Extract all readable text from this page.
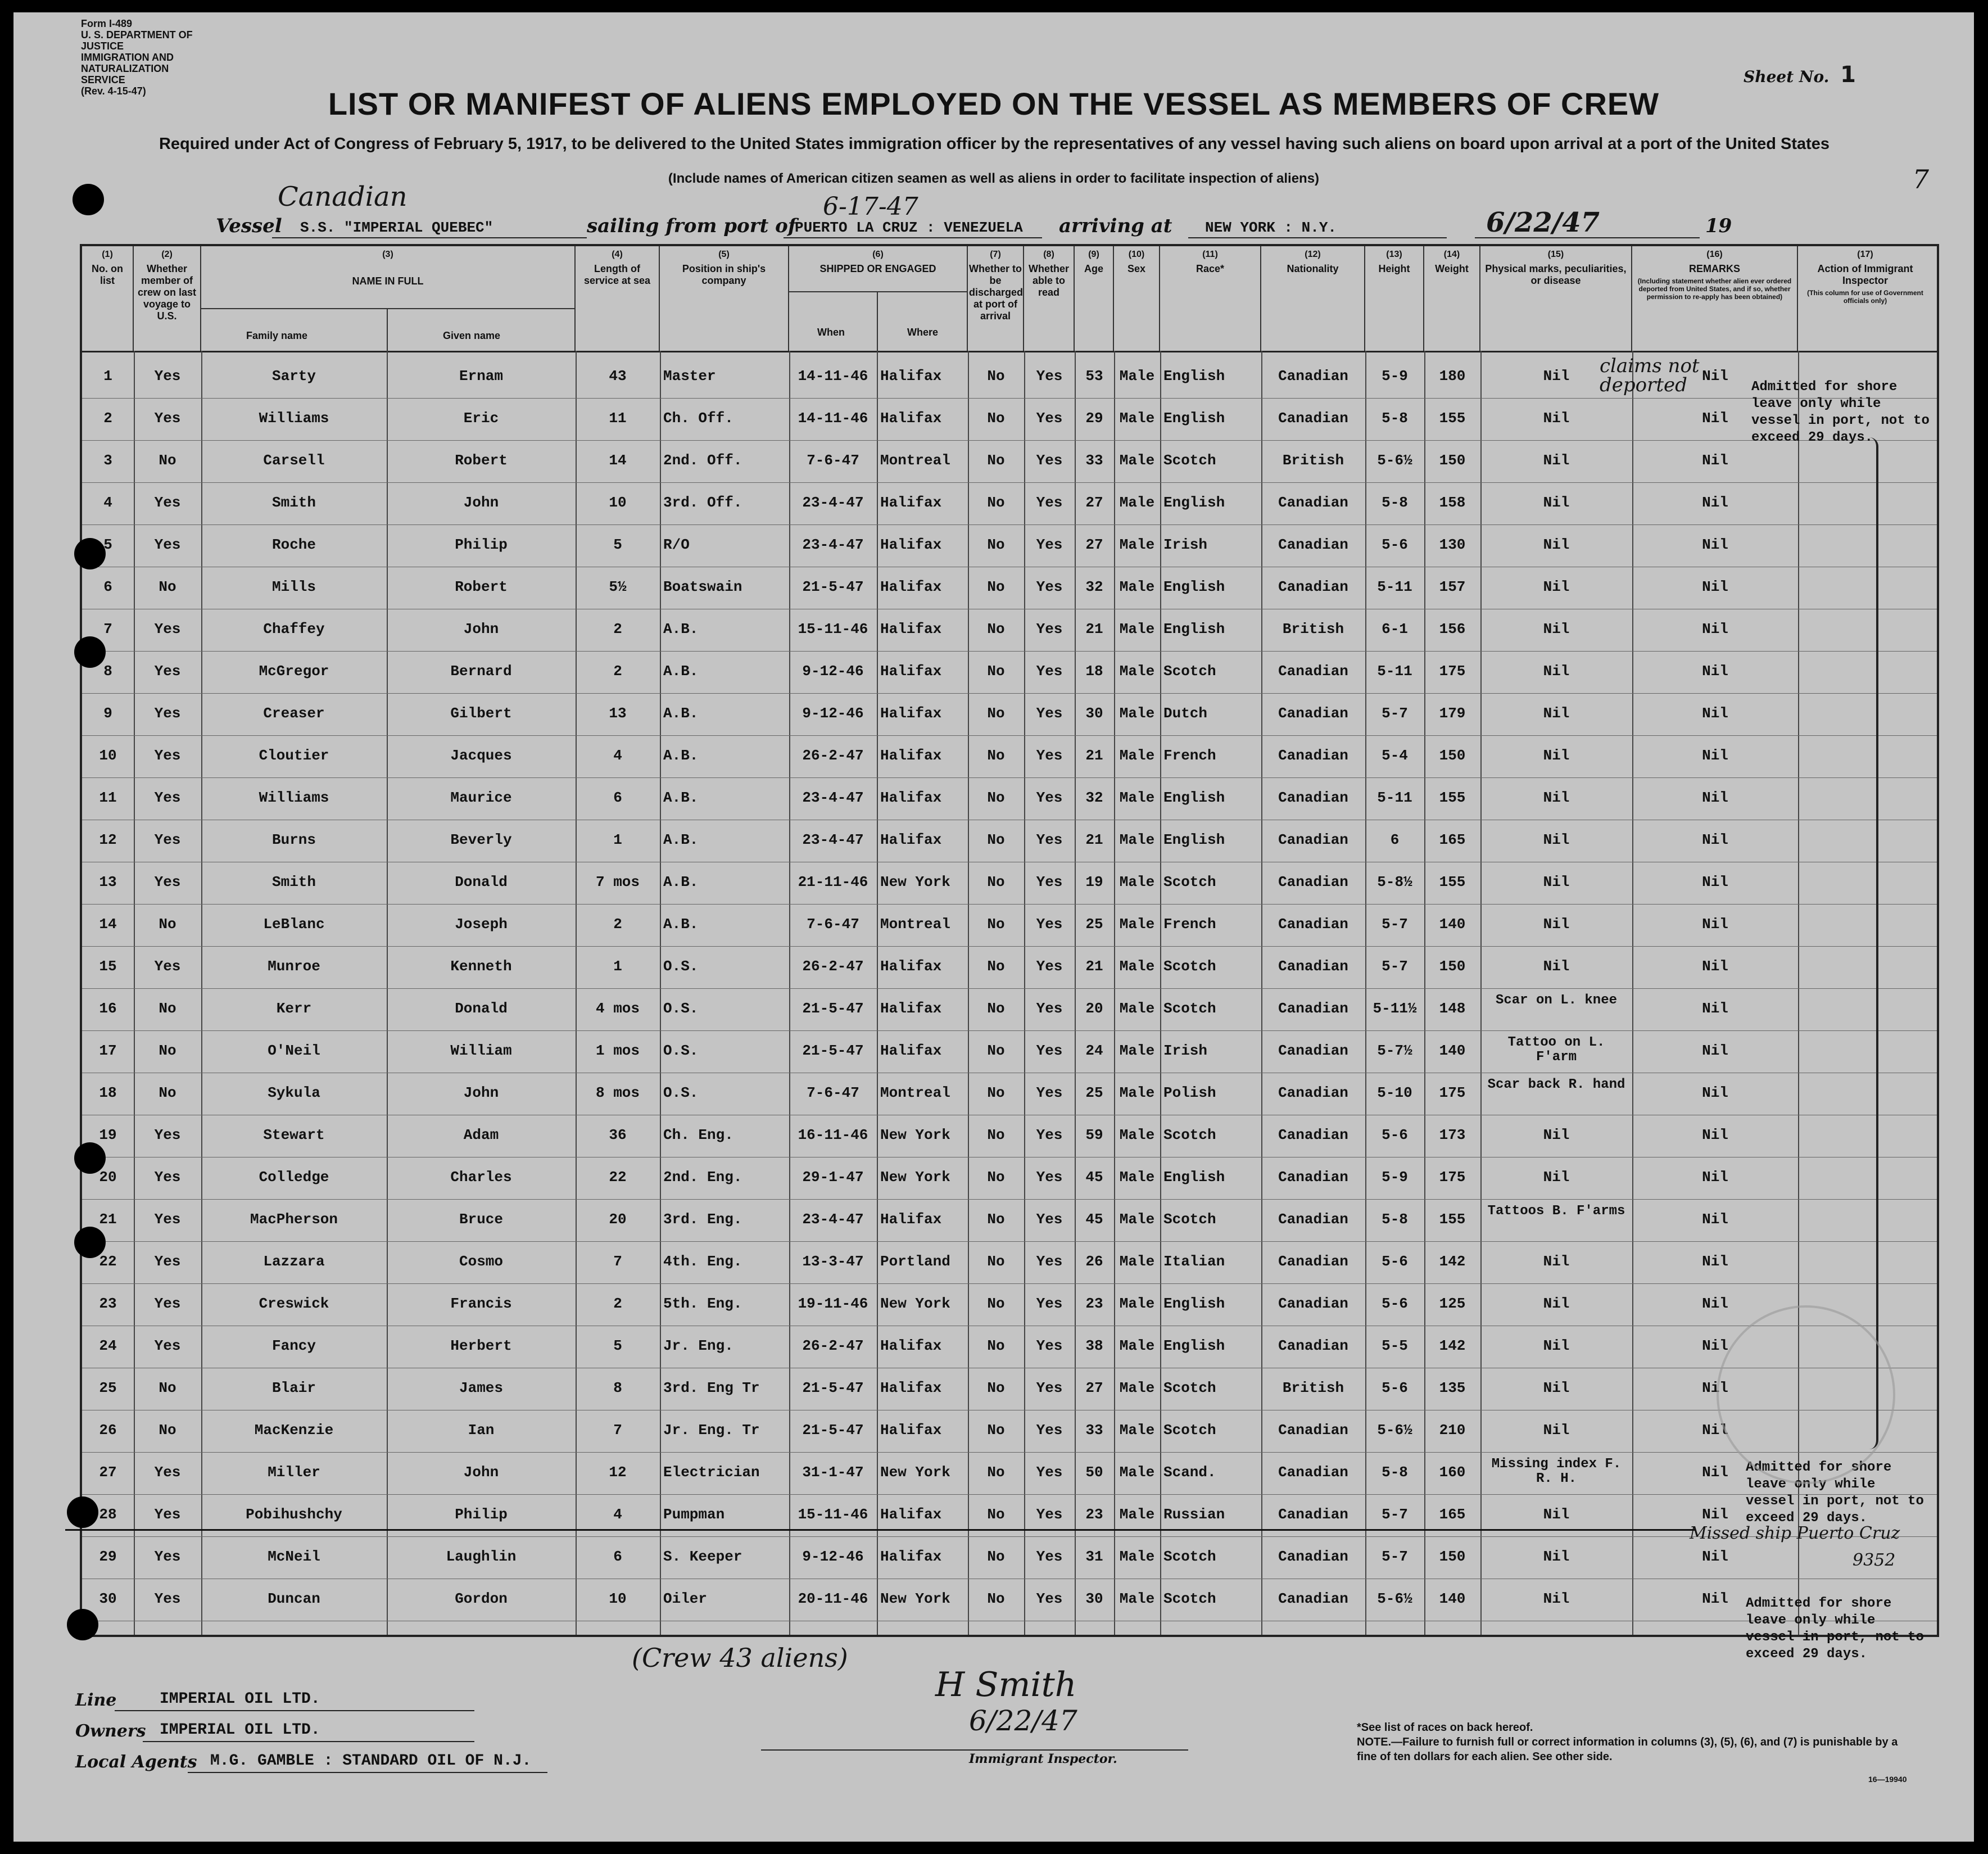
Form I-489
U. S. DEPARTMENT OF JUSTICE
IMMIGRATION AND NATURALIZATION SERVICE
(Rev. 4-15-47)
7
Sheet No. 1
LIST OR MANIFEST OF ALIENS EMPLOYED ON THE VESSEL AS MEMBERS OF CREW
Required under Act of Congress of February 5, 1917, to be delivered to the United States immigration officer by the representatives of any vessel having such aliens on board upon arrival at a port of the United States
(Include names of American citizen seamen as well as aliens in order to facilitate inspection of aliens)
Canadian	6-17-47
Vessel S.S. "IMPERIAL QUEBEC"	sailing from port of
PUERTO LA CRUZ : VENEZUELA arriving at NEW YORK : N.Y.	6/22/47	19
(1)
No. on list
(2)
Whether member of crew on last voyage to U.S.
(3)
NAME IN FULL
Family name	Given name
(4)
Length of service at sea
(5)
Position in ship's company
(6)
SHIPPED OR ENGAGED
When	Where
(7)
Whether to be discharged at port of arrival
(8)
Whether able to read
(9)
Age
(10)
Sex
(11)
Race*
(12)
Nationality
(13)
Height
(14)
Weight
(15)
Physical marks, peculiarities, or disease
(16)
REMARKS
(Including statement whether alien ever ordered deported from United States, and if so, whether permission to re-apply has been obtained)
(17)
Action of Immigrant Inspector
(This column for use of Government officials only)
1	Yes	Sarty	Ernam	43	Master	14-11-46 Halifax	No	Yes	53	Male English	Canadian	5-9	180	Nil	Nil
2	Yes	Williams	Eric	11	Ch. Off.	14-11-46 Halifax	No	Yes	29	Male English	Canadian	5-8	155	Nil	Nil
3	No	Carsell	Robert	14	2nd. Off.	7-6-47	Montreal	No	Yes	33	Male Scotch	British	5-6½	150	Nil	Nil
4	Yes	Smith	John	10	3rd. Off.	23-4-47	Halifax	No	Yes	27	Male English	Canadian	5-8	158	Nil	Nil
5	Yes	Roche	Philip	5	R/O	23-4-47	Halifax	No	Yes	27	Male Irish	Canadian	5-6	130	Nil	Nil
6	No	Mills	Robert	5½	Boatswain	21-5-47	Halifax	No	Yes	32	Male English	Canadian	5-11	157	Nil	Nil
7	Yes	Chaffey	John	2	A.B.	15-11-46 Halifax	No	Yes	21	Male English	British	6-1	156	Nil	Nil
8	Yes	McGregor	Bernard	2	A.B.	9-12-46	Halifax	No	Yes	18	Male Scotch	Canadian	5-11	175	Nil	Nil
9	Yes	Creaser	Gilbert	13	A.B.	9-12-46	Halifax	No	Yes	30	Male Dutch	Canadian	5-7	179	Nil	Nil
10	Yes	Cloutier	Jacques	4	A.B.	26-2-47	Halifax	No	Yes	21	Male French	Canadian	5-4	150	Nil	Nil
11	Yes	Williams	Maurice	6	A.B.	23-4-47	Halifax	No	Yes	32	Male English	Canadian	5-11	155	Nil	Nil
12	Yes	Burns	Beverly	1	A.B.	23-4-47	Halifax	No	Yes	21	Male English	Canadian	6	165	Nil	Nil
13	Yes	Smith	Donald	7 mos	A.B.	21-11-46 New York	No	Yes	19	Male Scotch	Canadian	5-8½	155	Nil	Nil
14	No	LeBlanc	Joseph	2	A.B.	7-6-47	Montreal	No	Yes	25	Male French	Canadian	5-7	140	Nil	Nil
15	Yes	Munroe	Kenneth	1	O.S.	26-2-47	Halifax	No	Yes	21	Male Scotch	Canadian	5-7	150	Nil	Nil
16	No	Kerr	Donald	4 mos	O.S.	21-5-47	Halifax	No	Yes	20	Male Scotch	Canadian	5-11½	148	Scar on L. knee	Nil
17	No	O'Neil	William	1 mos	O.S.	21-5-47	Halifax	No	Yes	24	Male Irish	Canadian	5-7½	140	Tattoo on L. F'arm	Nil
18	No	Sykula	John	8 mos	O.S.	7-6-47	Montreal	No	Yes	25	Male Polish	Canadian	5-10	175	Scar back R. hand	Nil
19	Yes	Stewart	Adam	36	Ch. Eng.	16-11-46 New York	No	Yes	59	Male Scotch	Canadian	5-6	173	Nil	Nil
20	Yes	Colledge	Charles	22	2nd. Eng.	29-1-47	New York	No	Yes	45	Male English	Canadian	5-9	175	Nil	Nil
21	Yes	MacPherson	Bruce	20	3rd. Eng.	23-4-47	Halifax	No	Yes	45	Male Scotch	Canadian	5-8	155	Tattoos B. F'arms	Nil
22	Yes	Lazzara	Cosmo	7	4th. Eng.	13-3-47	Portland	No	Yes	26	Male Italian	Canadian	5-6	142	Nil	Nil
23	Yes	Creswick	Francis	2	5th. Eng.	19-11-46 New York	No	Yes	23	Male English	Canadian	5-6	125	Nil	Nil
24	Yes	Fancy	Herbert	5	Jr. Eng.	26-2-47	Halifax	No	Yes	38	Male English	Canadian	5-5	142	Nil	Nil
25	No	Blair	James	8	3rd. Eng Tr	21-5-47	Halifax	No	Yes	27	Male Scotch	British	5-6	135	Nil	Nil
26	No	MacKenzie	Ian	7	Jr. Eng. Tr	21-5-47	Halifax	No	Yes	33	Male Scotch	Canadian	5-6½	210	Nil	Nil
27	Yes	Miller	John	12	Electrician	31-1-47	New York	No	Yes	50	Male Scand.	Canadian	5-8	160	Missing index F. R. H.	Nil
28	Yes	Pobihushchy	Philip	4	Pumpman	15-11-46 Halifax	No	Yes	23	Male Russian	Canadian	5-7	165	Nil	Nil
29	Yes	McNeil	Laughlin	6	S. Keeper	9-12-46	Halifax	No	Yes	31	Male Scotch	Canadian	5-7	150	Nil	Nil
30	Yes	Duncan	Gordon	10	Oiler	20-11-46 New York	No	Yes	30	Male Scotch	Canadian	5-6½	140	Nil	Nil
claims not deported	Admitted for shore leave only while vessel in port, not to exceed 29 days.
Admitted for shore leave only while vessel in port, not to exceed 29 days.
Admitted for shore leave only while vessel in port, not to exceed 29 days.
Missed ship Puerto Cruz
9352
(Crew 43 aliens)
H Smith
6/22/47
Immigrant Inspector.
Line	IMPERIAL OIL LTD.
Owners IMPERIAL OIL LTD.
Local Agents M.G. GAMBLE : STANDARD OIL OF N.J.
*See list of races on back hereof.
NOTE.—Failure to furnish full or correct information in columns (3), (5), (6), and (7) is punishable by a fine of ten dollars for each alien. See other side.
16—19940
